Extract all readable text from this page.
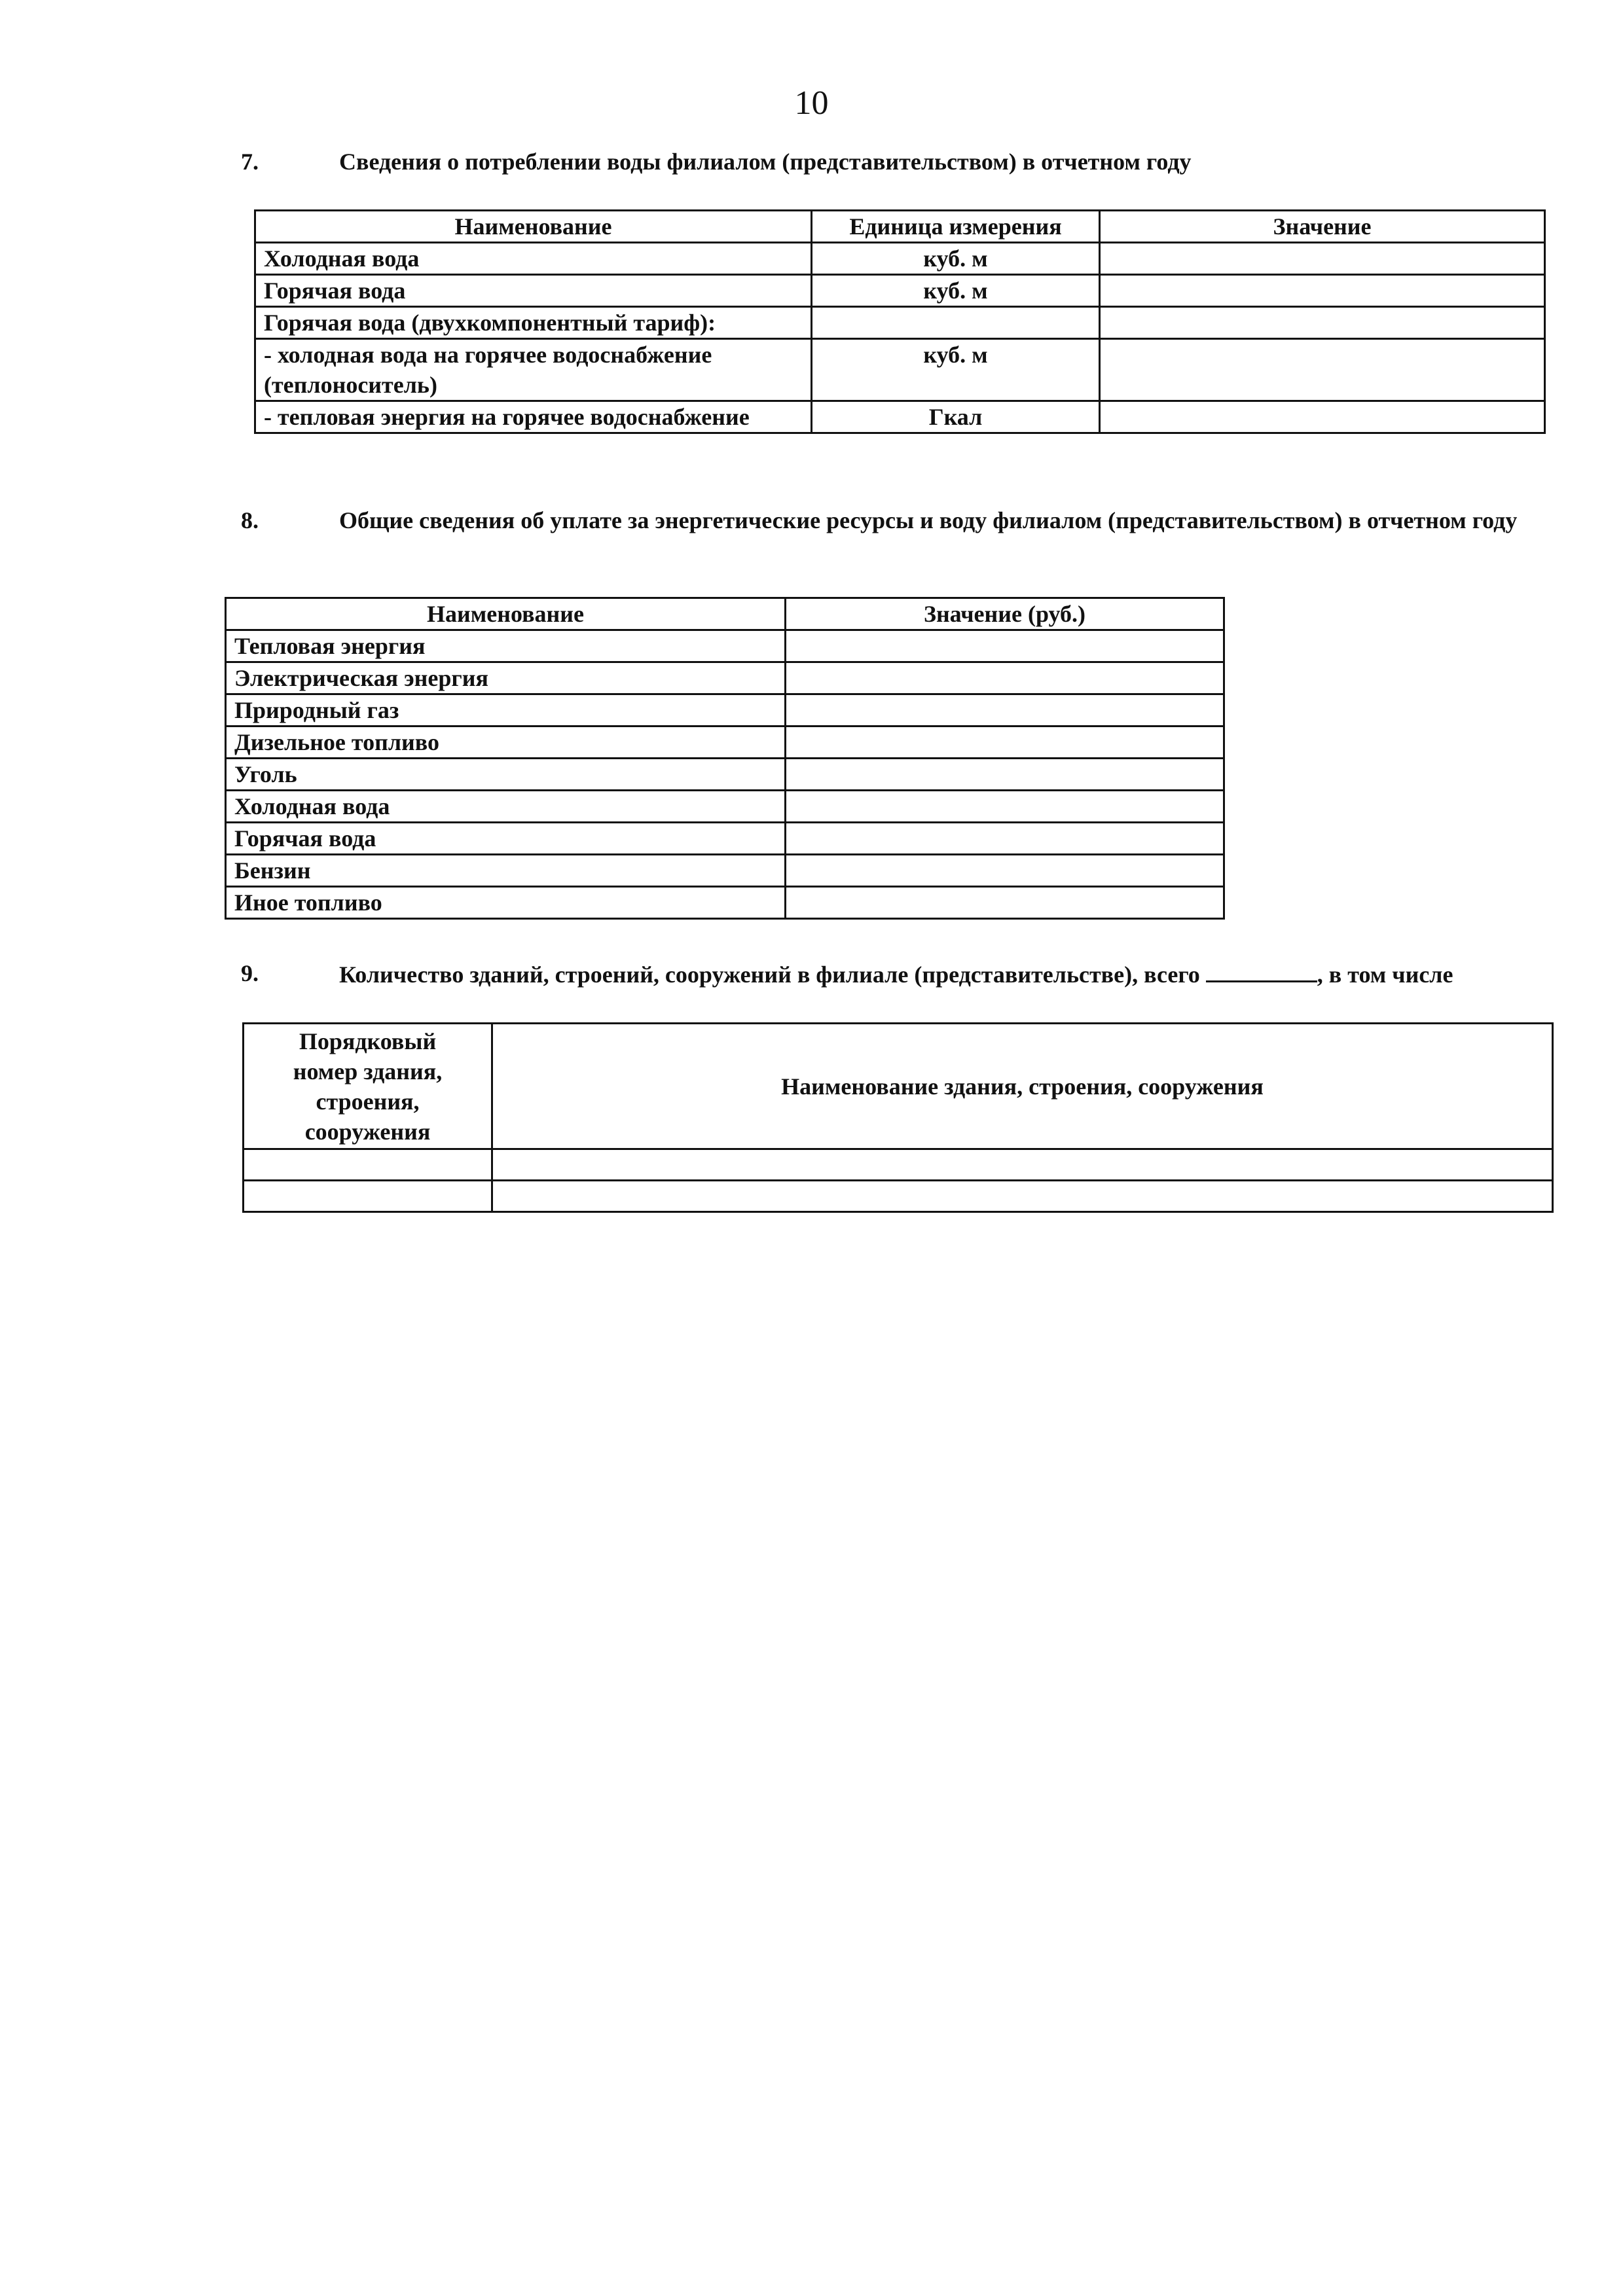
10
7.	Сведения о потреблении воды филиалом (представительством) в отчетном году
Наименование	Единица измерения	Значение
Холодная вода	куб. м	
Горячая вода	куб. м	
Горячая вода (двухкомпонентный тариф):		
- холодная вода на горячее водоснабжение (теплоноситель)	куб. м	
- тепловая энергия на горячее водоснабжение	Гкал	
8.	Общие сведения об уплате за энергетические ресурсы и воду филиалом (представительством) в отчетном году
Наименование	Значение (руб.)
Тепловая энергия	
Электрическая энергия	
Природный газ	
Дизельное топливо	
Уголь	
Холодная вода	
Горячая вода	
Бензин	
Иное топливо	
9.	Количество зданий, строений, сооружений в филиале (представительстве), всего	, в том числе
Порядковый номер здания, строения, сооружения	Наименование здания, строения, сооружения
